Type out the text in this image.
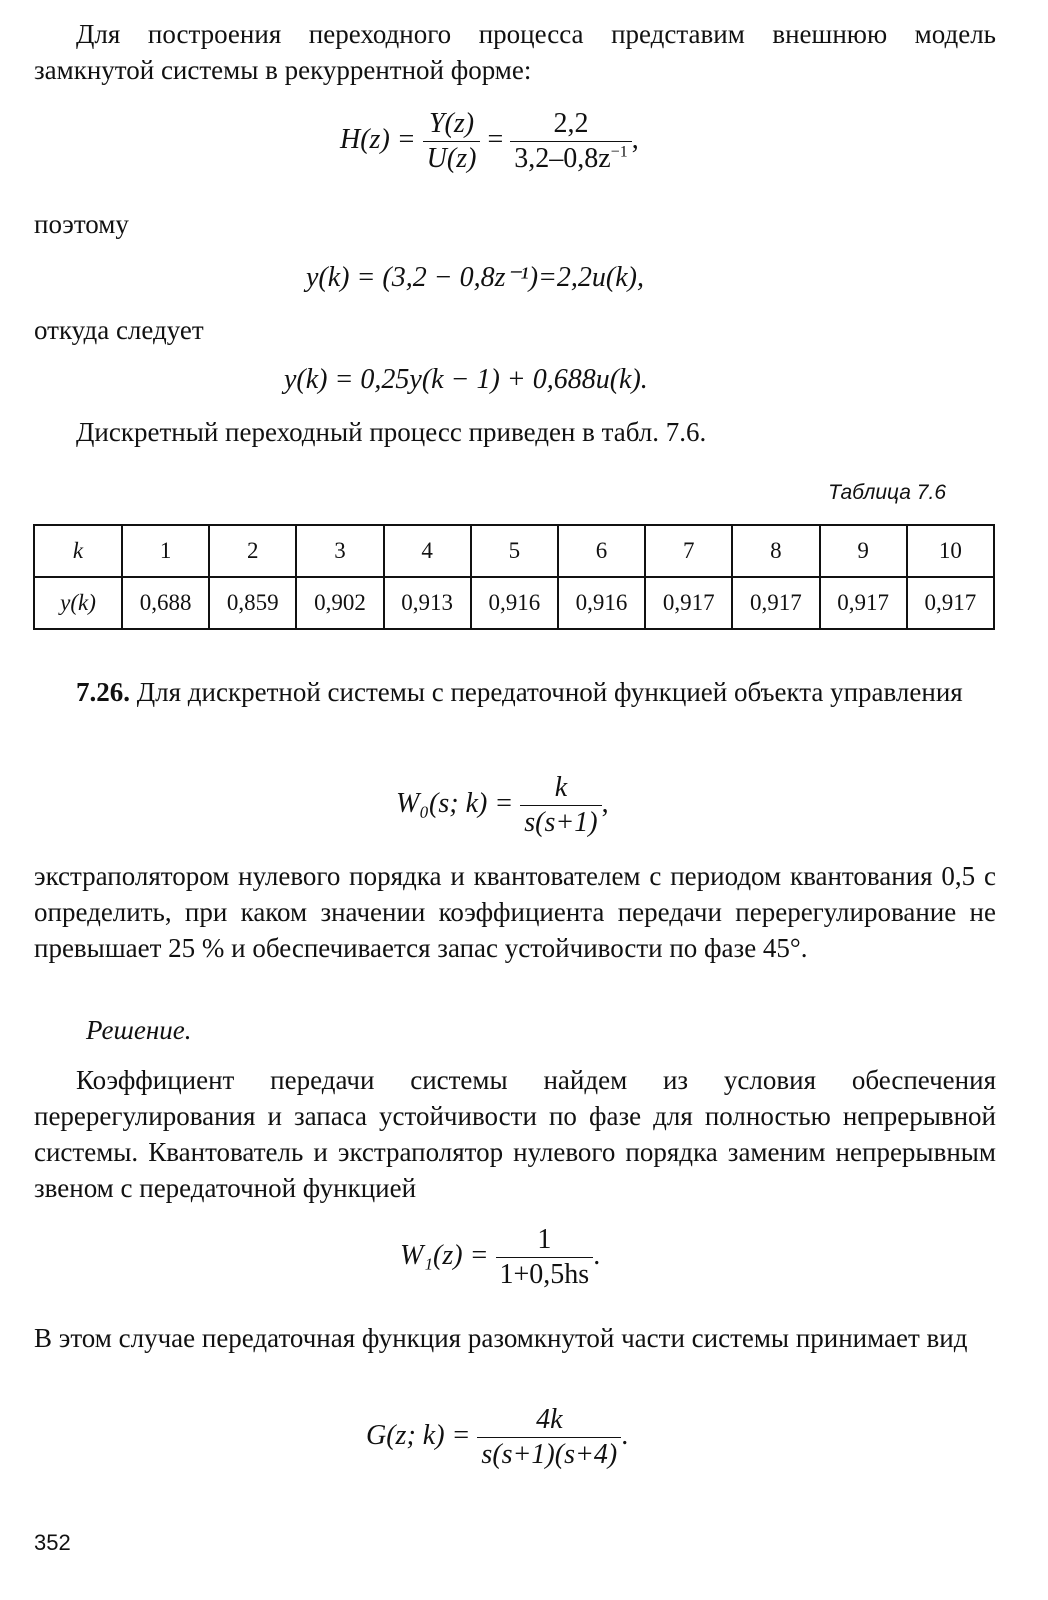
Для построения переходного процесса представим внешнюю модель замкнутой системы в рекуррентной форме:

$H(z) = \frac{Y(z)}{U(z)} = \frac{2,2}{3,2-0,8z^{-1}}$ ,

поэтому

y(k) = (3,2 − 0,8z⁻¹)=2,2u(k),

откуда следует

y(k) = 0,25y(k − 1) + 0,688u(k).

Дискретный переходный процесс приведен в табл. 7.6.

Таблица 7.6
k	1	2	3	4	5	6	7	8	9	10
y(k)	0,688	0,859	0,902	0,913	0,916	0,916	0,917	0,917	0,917	0,917

7.26. Для дискретной системы с передаточной функцией объекта управления

W₀(s; $k) = \frac{k}{s(s+1)}$ ,

экстраполятором нулевого порядка и квантователем с периодом квантования 0,5 с определить, при каком значении коэффициента передачи перерегулирование не превышает 25 % и обеспечивается запас устойчивости по фазе 45°.

Решение.

Коэффициент передачи системы найдем из условия обеспечения перерегулирования и запаса устойчивости по фазе для полностью непрерывной системы. Квантователь и экстраполятор нулевого порядка заменим непрерывным звеном с передаточной функцией

$W_1(z) = \frac{1}{1+0,5hs}$ .

В этом случае передаточная функция разомкнутой части системы принимает вид

G(z; $k) = \frac{4k}{s(s+1)(s+4)}$ .
352
